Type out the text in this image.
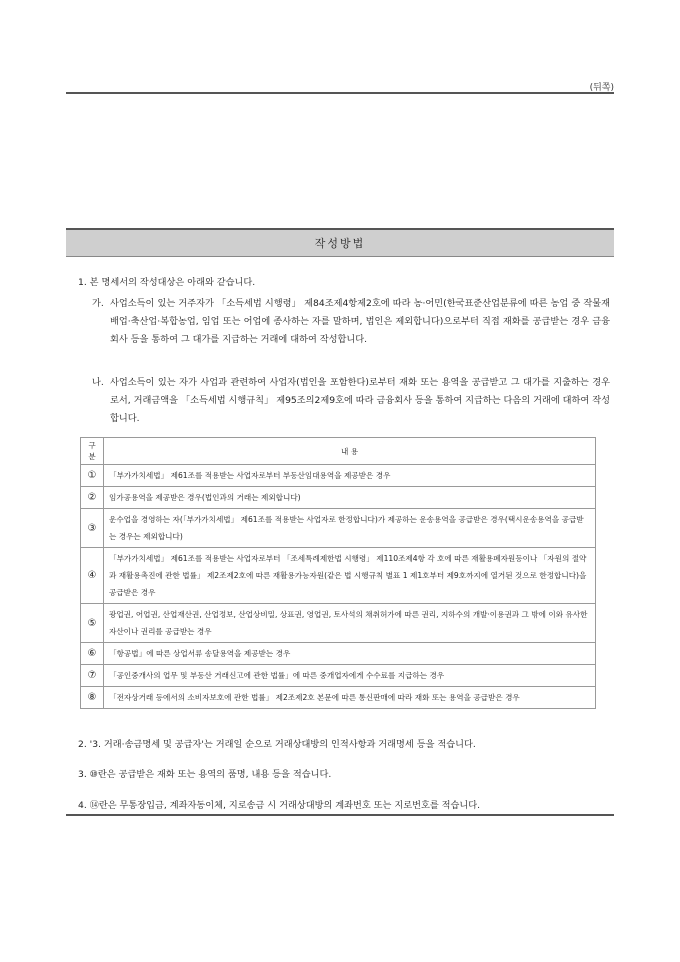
(뒤쪽)
작성방법
1. 본 명세서의 작성대상은 아래와 같습니다.
가. 사업소득이 있는 거주자가 「소득세법 시행령」 제84조제4항제2호에 따라 농·어민(한국표준산업분류에 따른 농업 중 작물재배업·축산업·복합농업, 임업 또는 어업에 종사하는 자를 말하며, 법인은 제외합니다)으로부터 직접 재화를 공급받는 경우 금융회사 등을 통하여 그 대가를 지급하는 거래에 대하여 작성합니다.
나. 사업소득이 있는 자가 사업과 관련하여 사업자(법인을 포함한다)로부터 재화 또는 용역을 공급받고 그 대가를 지출하는 경우로서, 거래금액을 「소득세법 시행규칙」 제95조의2제9호에 따라 금융회사 등을 통하여 지급하는 다음의 거래에 대하여 작성합니다.
구 분	내 용
①	「부가가치세법」 제61조를 적용받는 사업자로부터 부동산임대용역을 제공받은 경우
②	임가공용역을 제공받은 경우(법인과의 거래는 제외합니다)
③	운수업을 경영하는 자(「부가가치세법」 제61조를 적용받는 사업자로 한정합니다)가 제공하는 운송용역을 공급받은 경우(택시운송용역을 공급받는 경우는 제외합니다)
④	「부가가치세법」 제61조를 적용받는 사업자로부터 「조세특례제한법 시행령」 제110조제4항 각 호에 따른 재활용폐자원등이나 「자원의 절약과 재활용촉진에 관한 법률」 제2조제2호에 따른 재활용가능자원(같은 법 시행규칙 별표 1 제1호부터 제9호까지에 열거된 것으로 한정합니다)을 공급받은 경우
⑤	광업권, 어업권, 산업재산권, 산업정보, 산업상비밀, 상표권, 영업권, 토사석의 채취허가에 따른 권리, 지하수의 개발·이용권과 그 밖에 이와 유사한 자산이나 권리를 공급받는 경우
⑥	「항공법」에 따른 상업서류 송달용역을 제공받는 경우
⑦	「공인중개사의 업무 및 부동산 거래신고에 관한 법률」에 따른 중개업자에게 수수료를 지급하는 경우
⑧	「전자상거래 등에서의 소비자보호에 관한 법률」 제2조제2호 본문에 따른 통신판매에 따라 재화 또는 용역을 공급받은 경우
2. '3. 거래·송금명세 및 공급자'는 거래일 순으로 거래상대방의 인적사항과 거래명세 등을 적습니다.
3. ⑩란은 공급받은 재화 또는 용역의 품명, 내용 등을 적습니다.
4. ⑭란은 무통장입금, 계좌자동이체, 지로송금 시 거래상대방의 계좌번호 또는 지로번호를 적습니다.
